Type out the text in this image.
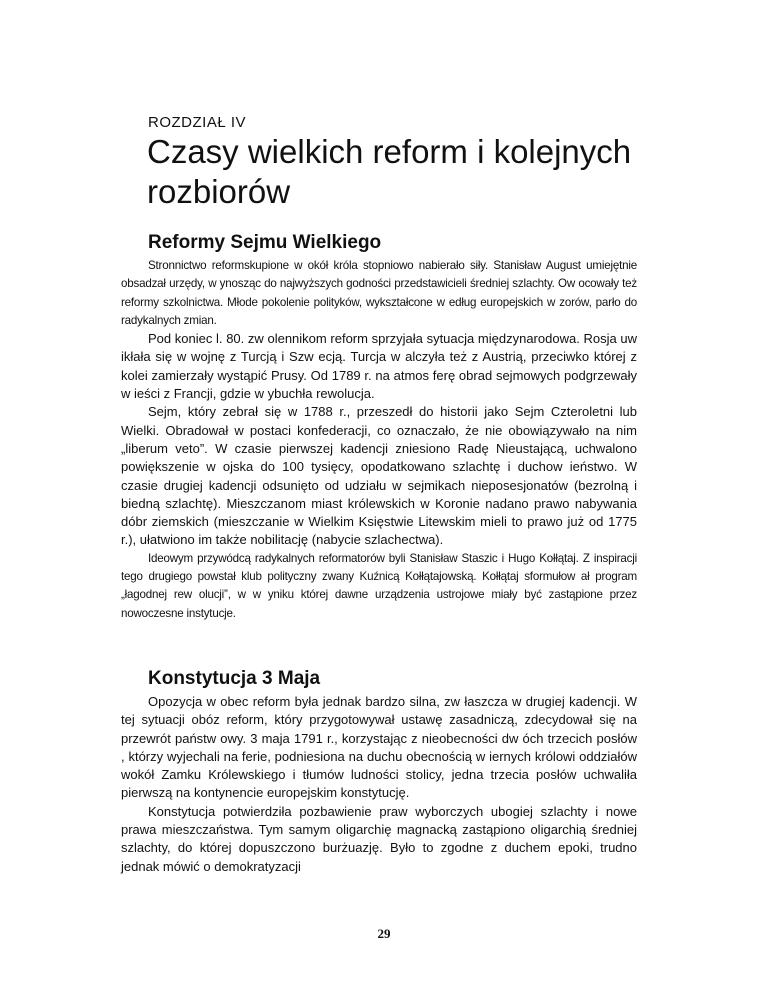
ROZDZIAŁ IV
Czasy wielkich reform i kolejnych rozbiorów
Reformy Sejmu Wielkiego

Stronnictwo reformskupione w okół króla stopniowo nabierało siły. Stanisław August umiejętnie obsadzał urzędy, w ynosząc do najwyższych godności przedstawicieli średniej szlachty. Ow ocowały też reformy szkolnictwa. Młode pokolenie polityków, wykształcone w edług europejskich w zorów, parło do radykalnych zmian.

Pod koniec l. 80. zw olennikom reform sprzyjała sytuacja międzynarodowa. Rosja uw ikłała się w wojnę z Turcją i Szw ecją. Turcja w alczyła też z Austrią, przeciwko której z kolei zamierzały wystąpić Prusy. Od 1789 r. na atmos ferę obrad sejmowych podgrzewały w ieści z Francji, gdzie w ybuchła rewolucja.

Sejm, który zebrał się w 1788 r., przeszedł do historii jako Sejm Czteroletni lub Wielki. Obradował w postaci konfederacji, co oznaczało, że nie obowiązywało na nim „liberum veto”. W czasie pierwszej kadencji zniesiono Radę Nieustającą, uchwalono powiększenie w ojska do 100 tysięcy, opodatkowano szlachtę i duchow ieństwo. W czasie drugiej kadencji odsunięto od udziału w sejmikach nieposesjonatów (bezrolną i biedną szlachtę). Mieszczanom miast królewskich w Koronie nadano prawo nabywania dóbr ziemskich (mieszczanie w Wielkim Księstwie Litewskim mieli to prawo już od 1775 r.), ułatwiono im także nobilitację (nabycie szlachectwa).

Ideowym przywódcą radykalnych reformatorów byli Stanisław Staszic i Hugo Kołłątaj. Z inspiracji tego drugiego powstał klub polityczny zwany Kuźnicą Kołłątajowską. Kołłątaj sformułow ał program „łagodnej rew olucji”, w w yniku której dawne urządzenia ustrojowe miały być zastąpione przez nowoczesne instytucje.

Konstytucja 3 Maja

Opozycja w obec reform była jednak bardzo silna, zw łaszcza w drugiej kadencji. W tej sytuacji obóz reform, który przygotowywał ustawę zasadniczą, zdecydował się na przewrót państw owy. 3 maja 1791 r., korzystając z nieobecności dw óch trzecich posłów , którzy wyjechali na ferie, podniesiona na duchu obecnością w iernych królowi oddziałów wokół Zamku Królewskiego i tłumów ludności stolicy, jedna trzecia posłów uchwaliła pierwszą na kontynencie europejskim konstytucję.

Konstytucja potwierdziła pozbawienie praw wyborczych ubogiej szlachty i nowe prawa mieszczaństwa. Tym samym oligarchię magnacką zastąpiono oligarchią średniej szlachty, do której dopuszczono burżuazję. Było to zgodne z duchem epoki, trudno jednak mówić o demokratyzacji

29
